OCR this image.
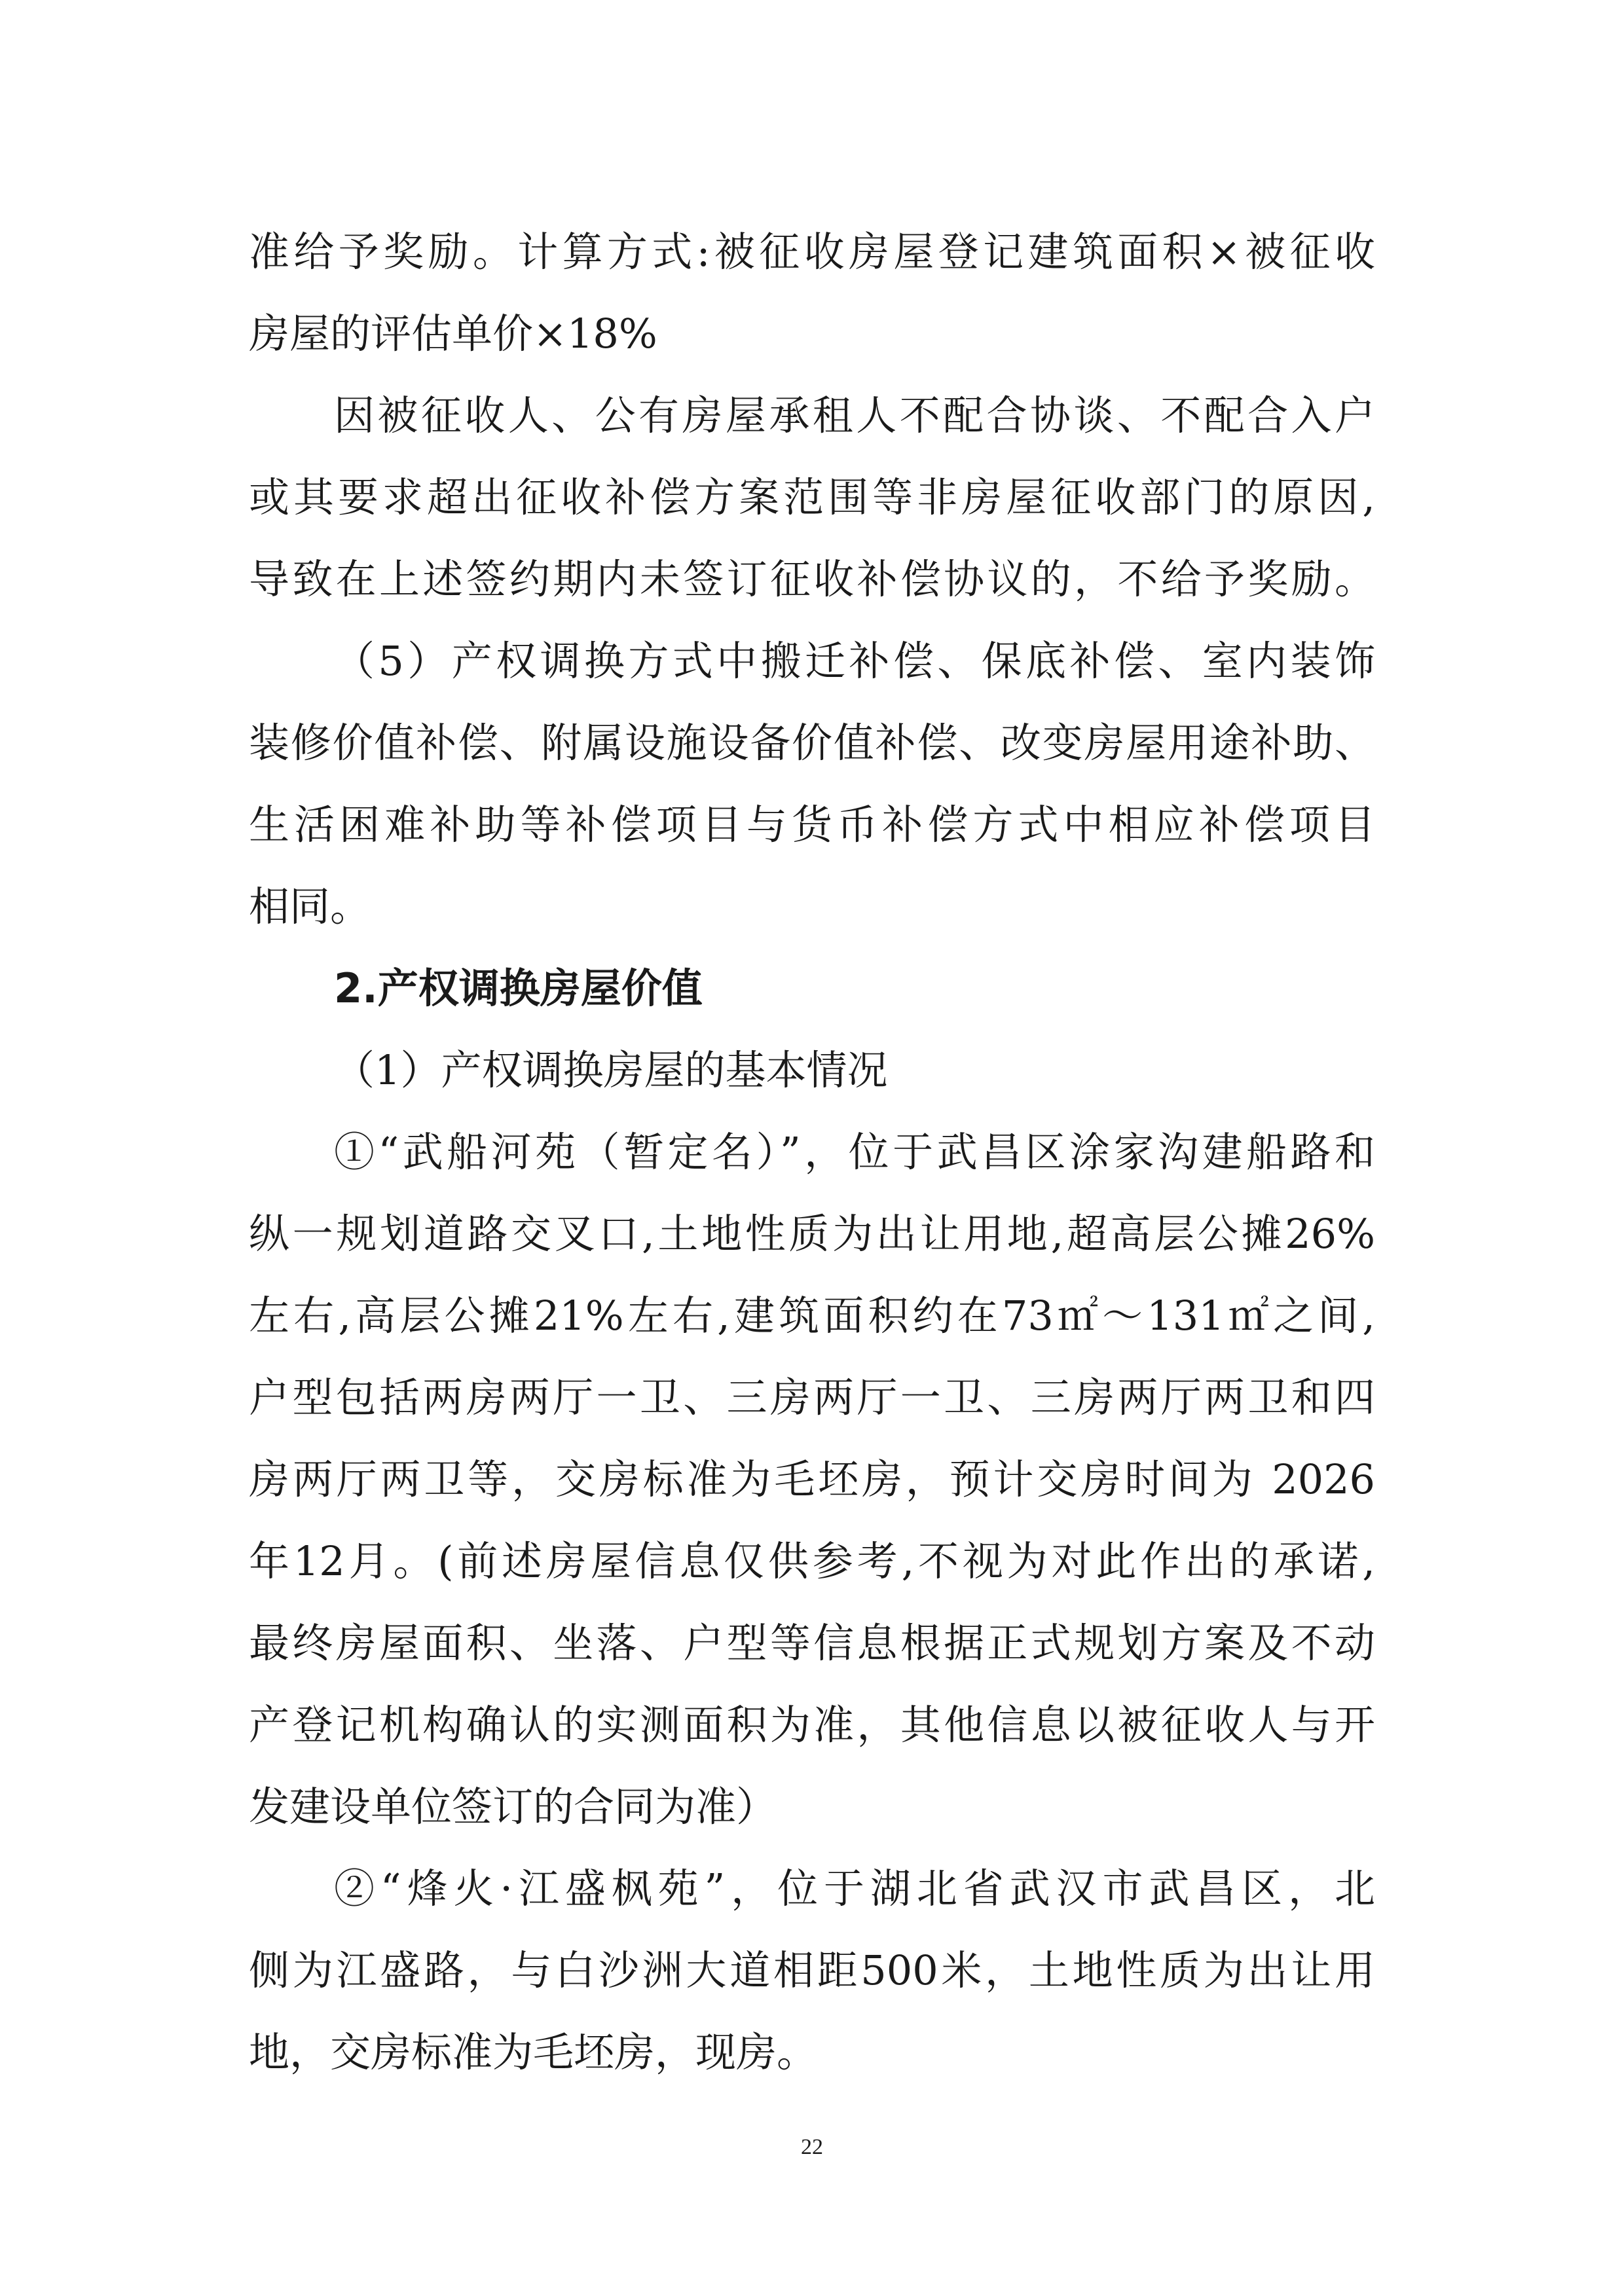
准给予奖励。计算方式:被征收房屋登记建筑面积×被征收
房屋的评估单价×18%
因被征收人、公有房屋承租人不配合协谈、不配合入户
或其要求超出征收补偿方案范围等非房屋征收部门的原因,
导致在上述签约期内未签订征收补偿协议的，不给予奖励。
（5）产权调换方式中搬迁补偿、保底补偿、室内装饰
装修价值补偿、附属设施设备价值补偿、改变房屋用途补助、
生活困难补助等补偿项目与货币补偿方式中相应补偿项目
相同。
2.产权调换房屋价值
（1）产权调换房屋的基本情况
①“武船河苑（暂定名）”，位于武昌区涂家沟建船路和
纵一规划道路交叉口,土地性质为出让用地,超高层公摊26%
左右,高层公摊21%左右,建筑面积约在73㎡～131㎡之间,
户型包括两房两厅一卫、三房两厅一卫、三房两厅两卫和四
房两厅两卫等，交房标准为毛坯房，预计交房时间为 2026
年12月。(前述房屋信息仅供参考,不视为对此作出的承诺,
最终房屋面积、坐落、户型等信息根据正式规划方案及不动
产登记机构确认的实测面积为准，其他信息以被征收人与开
发建设单位签订的合同为准）
②“烽火·江盛枫苑”，位于湖北省武汉市武昌区，北
侧为江盛路，与白沙洲大道相距500米，土地性质为出让用
地，交房标准为毛坯房，现房。
22
